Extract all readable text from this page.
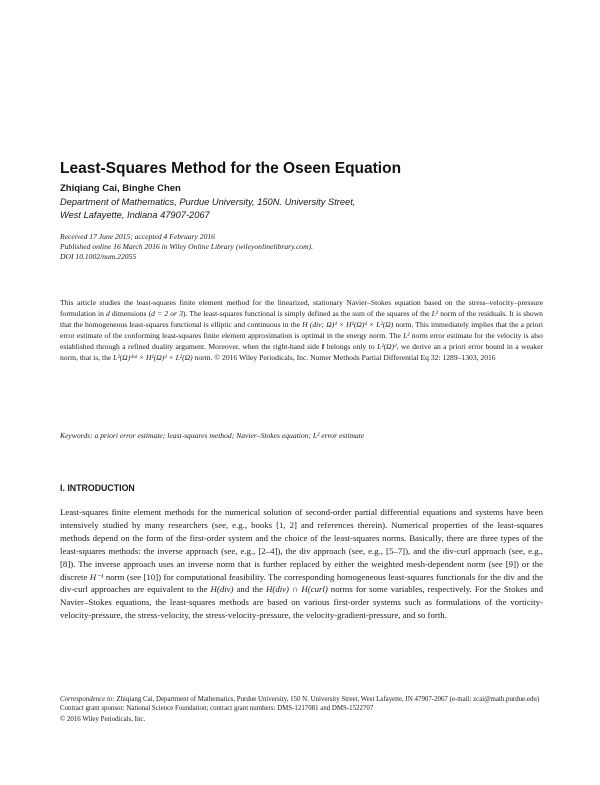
Least-Squares Method for the Oseen Equation
Zhiqiang Cai, Binghe Chen
Department of Mathematics, Purdue University, 150N. University Street,
West Lafayette, Indiana 47907-2067
Received 17 June 2015; accepted 4 February 2016
Published online 16 March 2016 in Wiley Online Library (wileyonlinelibrary.com).
DOI 10.1002/num.22055
This article studies the least-squares finite element method for the linearized, stationary Navier–Stokes equation based on the stress–velocity–pressure formulation in d dimensions (d = 2 or 3). The least-squares functional is simply defined as the sum of the squares of the L² norm of the residuals. It is shown that the homogeneous least-squares functional is elliptic and continuous in the H (div; Ω)ᵈ × H¹(Ω)ᵈ × L²(Ω) norm. This immediately implies that the a priori error estimate of the conforming least-squares finite element approximation is optimal in the energy norm. The L² norm error estimate for the velocity is also established through a refined duality argument. Moreover, when the right-hand side f belongs only to L²(Ω)ᵈ, we derive an a priori error bound in a weaker norm, that is, the L²(Ω)ᵈˣᵈ × H¹(Ω)ᵈ × L²(Ω) norm. © 2016 Wiley Periodicals, Inc. Numer Methods Partial Differential Eq 32: 1289–1303, 2016
Keywords: a priori error estimate; least-squares method; Navier–Stokes equation; L² error estimate
I. INTRODUCTION
Least-squares finite element methods for the numerical solution of second-order partial differential equations and systems have been intensively studied by many researchers (see, e.g., books [1, 2] and references therein). Numerical properties of the least-squares methods depend on the form of the first-order system and the choice of the least-squares norms. Basically, there are three types of the least-squares methods: the inverse approach (see, e.g., [2–4]), the div approach (see, e.g., [5–7]), and the div-curl approach (see, e.g., [8]). The inverse approach uses an inverse norm that is further replaced by either the weighted mesh-dependent norm (see [9]) or the discrete H⁻¹ norm (see [10]) for computational feasibility. The corresponding homogeneous least-squares functionals for the div and the div-curl approaches are equivalent to the H(div) and the H(div) ∩ H(curl) norms for some variables, respectively. For the Stokes and Navier–Stokes equations, the least-squares methods are based on various first-order systems such as formulations of the vorticity-velocity-pressure, the stress-velocity, the stress-velocity-pressure, the velocity-gradient-pressure, and so forth.

Correspondence to: Zhiqiang Cai, Department of Mathematics, Purdue University, 150 N. University Street, West Lafayette, IN 47907-2067 (e-mail: zcai@math.purdue.edu)

Contract grant sponsor: National Science Foundation; contract grant numbers: DMS-1217081 and DMS-1522707

© 2016 Wiley Periodicals, Inc.
